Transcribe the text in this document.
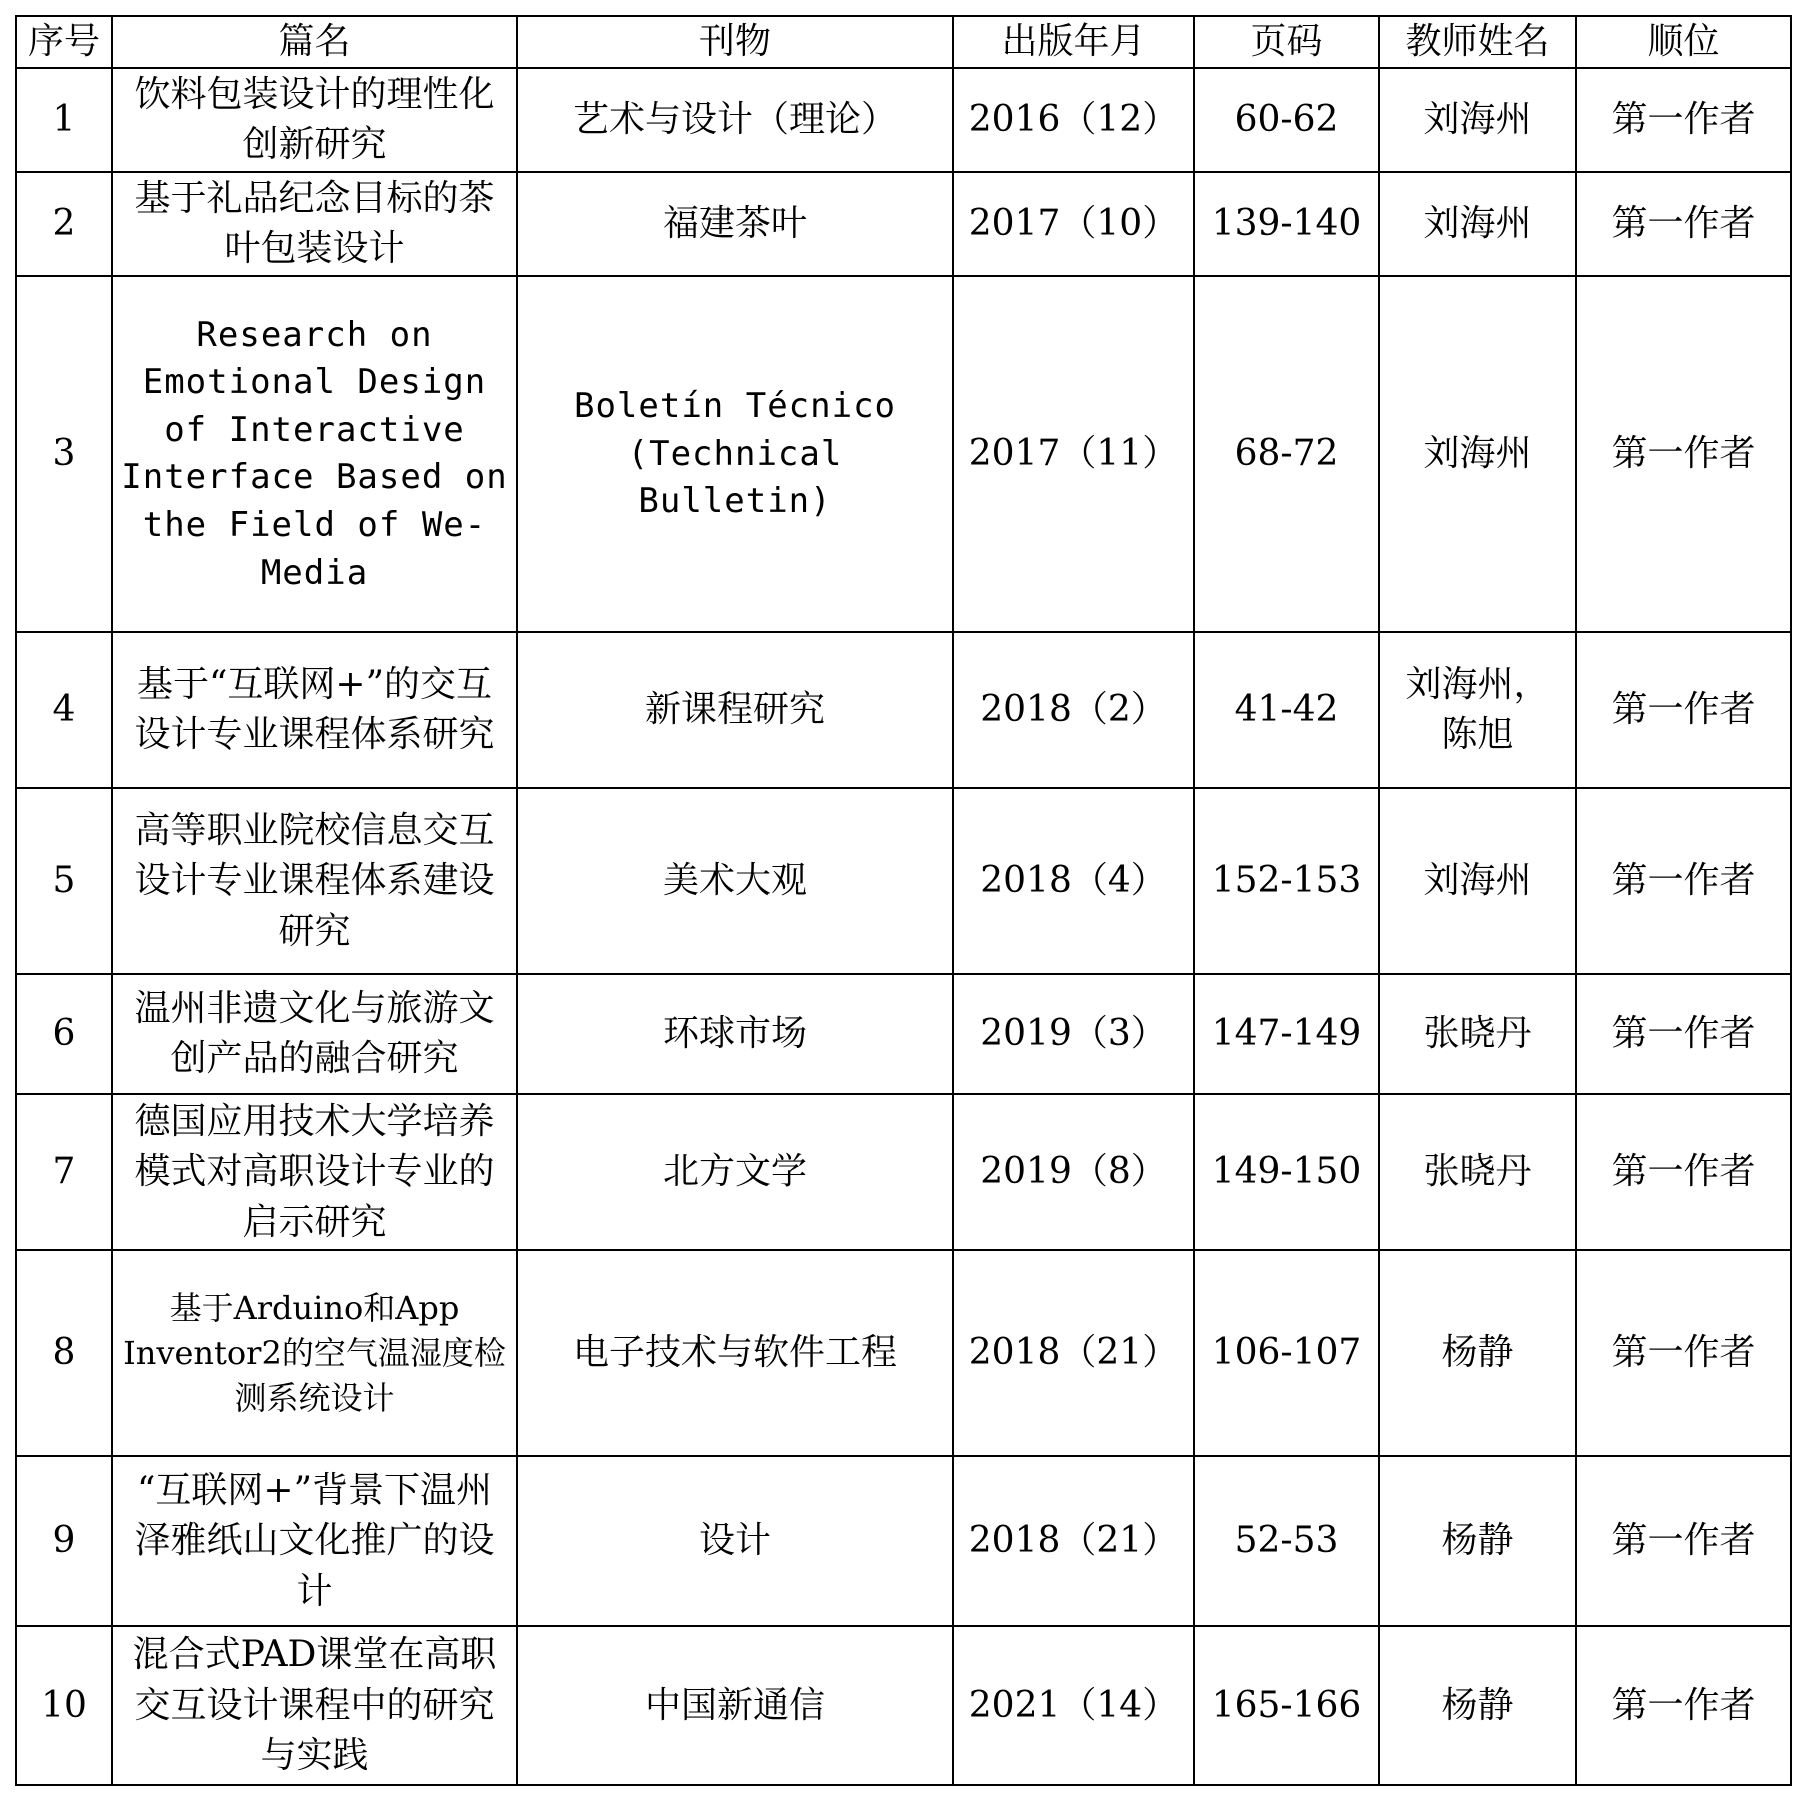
序号	篇名	刊物	出版年月	页码	教师姓名	顺位
1	饮料包装设计的理性化创新研究	艺术与设计（理论）	2016（12）	60-62	刘海州	第一作者
2	基于礼品纪念目标的茶叶包装设计	福建茶叶	2017（10）	139-140	刘海州	第一作者
3	Research on Emotional Design of Interactive Interface Based on the Field of We-Media	Boletín Técnico (Technical Bulletin)	2017（11）	68-72	刘海州	第一作者
4	基于“互联网+”的交互设计专业课程体系研究	新课程研究	2018（2）	41-42	刘海州，陈旭	第一作者
5	高等职业院校信息交互设计专业课程体系建设研究	美术大观	2018（4）	152-153	刘海州	第一作者
6	温州非遗文化与旅游文创产品的融合研究	环球市场	2019（3）	147-149	张晓丹	第一作者
7	德国应用技术大学培养模式对高职设计专业的启示研究	北方文学	2019（8）	149-150	张晓丹	第一作者
8	基于Arduino和App Inventor2的空气温湿度检测系统设计	电子技术与软件工程	2018（21）	106-107	杨静	第一作者
9	“互联网+”背景下温州泽雅纸山文化推广的设计	设计	2018（21）	52-53	杨静	第一作者
10	混合式PAD课堂在高职交互设计课程中的研究与实践	中国新通信	2021（14）	165-166	杨静	第一作者
